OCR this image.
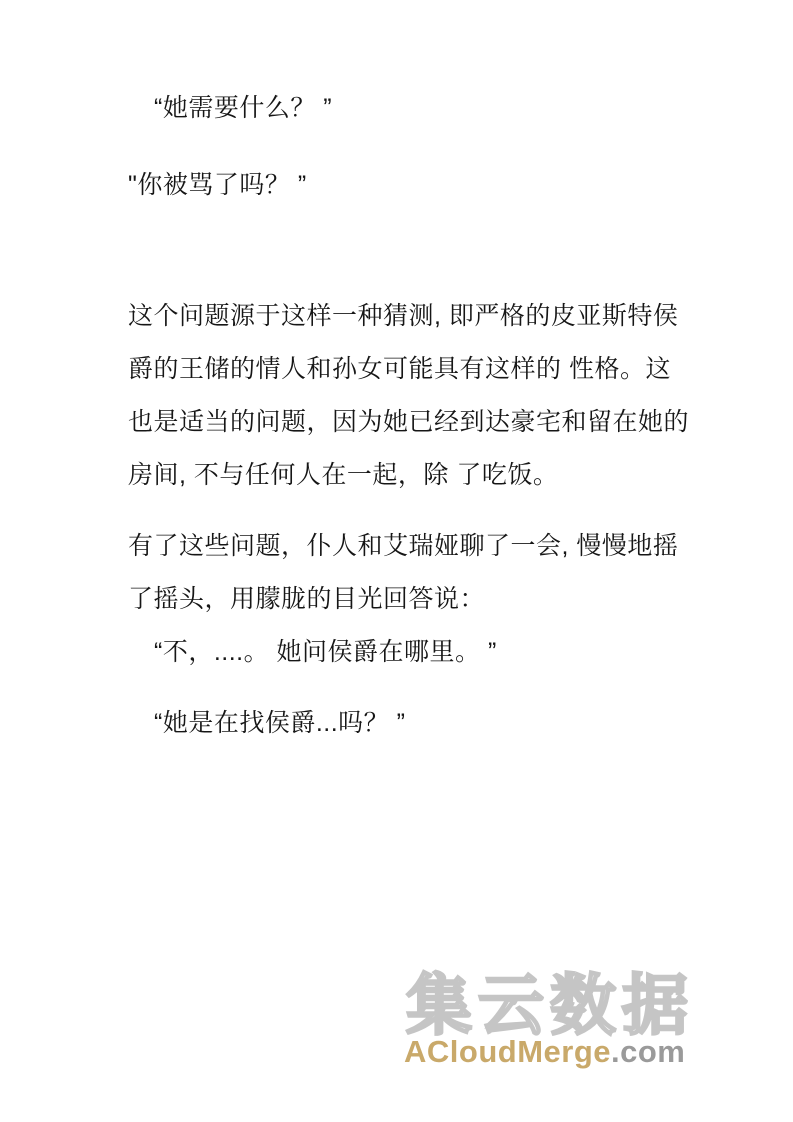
“她需要什么？ ”

"你被骂了吗？ ”

这个问题源于这样一种猜测, 即严格的皮亚斯特侯爵的王储的情人和孙女可能具有这样的 性格。这也是适当的问题，因为她已经到达豪宅和留在她的房间, 不与任何人在一起，除 了吃饭。

有了这些问题，仆人和艾瑞娅聊了一会, 慢慢地摇了摇头，用朦胧的目光回答说：

“不，....。 她问侯爵在哪里。 ”

“她是在找侯爵...吗？ ”

集云数据
ACloudMerge.com
